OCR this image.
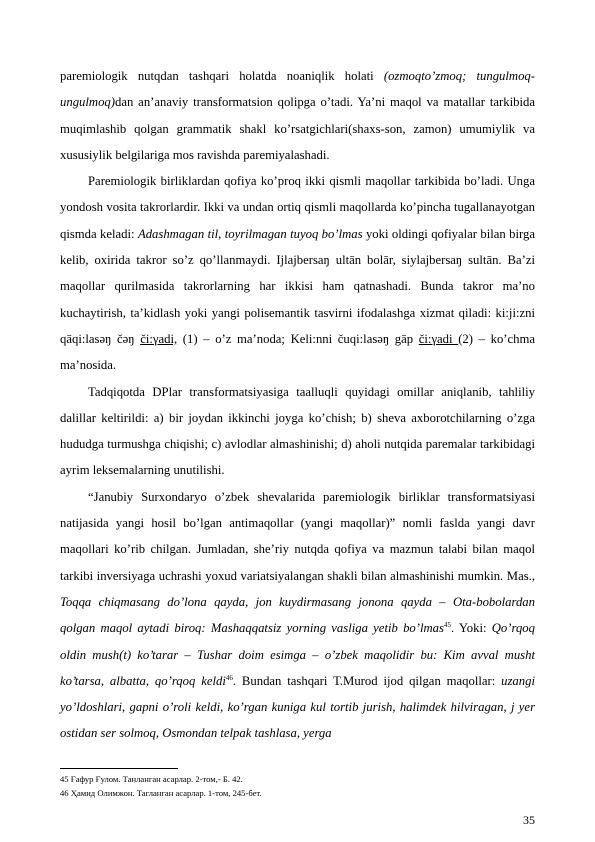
paremiologik nutqdan tashqari holatda noaniqlik holati (ozmoqto’zmoq; tungulmoq-ungulmoq)dan an’anaviy transformatsion qolipga o’tadi. Ya’ni maqol va matallar tarkibida muqimlashib qolgan grammatik shakl ko’rsatgichlari(shaxs-son, zamon) umumiylik va xususiylik belgilariga mos ravishda paremiyalashadi.

Paremiologik birliklardan qofiya ko’proq ikki qismli maqollar tarkibida bo’ladi. Unga yondosh vosita takrorlardir. Ikki va undan ortiq qismli maqollarda ko’pincha tugallanayotgan qismda keladi: Adashmagan til, toyrilmagan tuyoq bo’lmas yoki oldingi qofiyalar bilan birga kelib, oxirida takror so’z qo’llanmaydi. Ijlajbersaŋ ultān bolār, siylajbersaŋ sultān. Ba’zi maqollar qurilmasida takrorlarning har ikkisi ham qatnashadi. Bunda takror ma’no kuchaytirish, ta’kidlash yoki yangi polisemantik tasvirni ifodalashga xizmat qiladi: ki:ji:zni qāqi:lasǝŋ čǝŋ či:γadi, (1) – o’z ma’noda; Keli:nni čuqi:lasǝŋ gāp či:γadi (2) – ko’chma ma’nosida.

Tadqiqotda DPlar transformatsiyasiga taalluqli quyidagi omillar aniqlanib, tahliliy dalillar keltirildi: a) bir joydan ikkinchi joyga ko’chish; b) sheva axborotchilarning o’zga hududga turmushga chiqishi; c) avlodlar almashinishi; d) aholi nutqida paremalar tarkibidagi ayrim leksemalarning unutilishi.

“Janubiy Surxondaryo o’zbek shevalarida paremiologik birliklar transformatsiyasi natijasida yangi hosil bo’lgan antimaqollar (yangi maqollar)” nomli faslda yangi davr maqollari ko’rib chilgan. Jumladan, she’riy nutqda qofiya va mazmun talabi bilan maqol tarkibi inversiyaga uchrashi yoxud variatsiyalangan shakli bilan almashinishi mumkin. Mas., Toqqa chiqmasang do’lona qayda, jon kuydirmasang jonona qayda – Ota-bobolardan qolgan maqol aytadi biroq: Mashaqqatsiz yorning vasliga yetib bo’lmas$^{45}$. Yoki: Qo’rqoq oldin mush(t) ko’tarar – Tushar doim esimga – o’zbek maqolidir bu: Kim avval musht ko’tarsa, albatta, qo’rqoq keldi$^{46}$. Bundan tashqari T.Murod ijod qilgan maqollar: uzangi yo’ldoshlari, gapni o’roli keldi, ko’rgan kuniga kul tortib jurish, halimdek hilviragan, j yer ostidan ser solmoq, Osmondan telpak tashlasa, yerga

45 Ғафур Ғулом. Танланган асарлар. 2-том,- Б. 42.
46 Ҳамид Олимжон. Тагланган асарлар. 1-том, 245-бет.
35
